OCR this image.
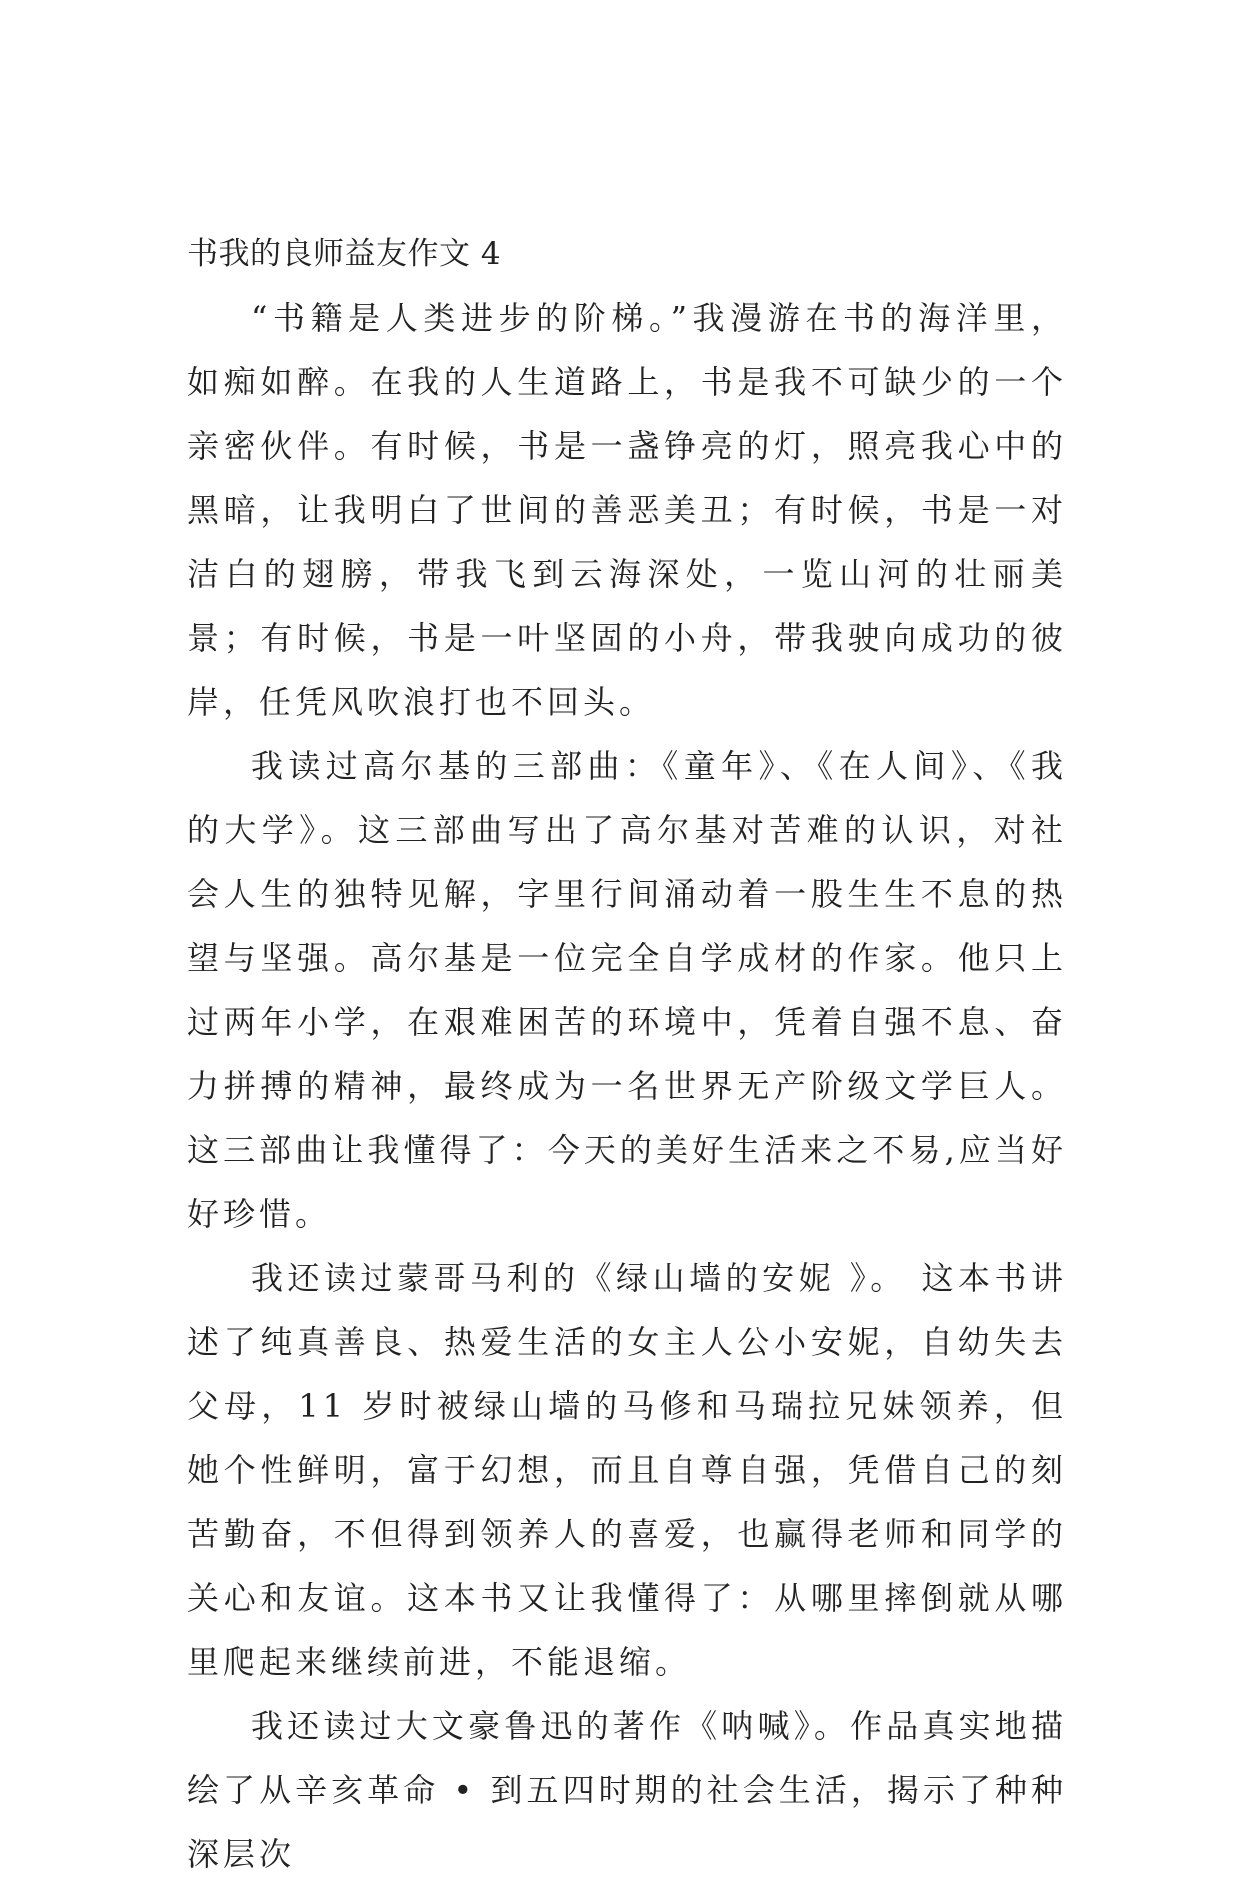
书我的良师益友作文 4

“书籍是人类进步的阶梯。”我漫游在书的海洋里，如痴如醉。在我的人生道路上，书是我不可缺少的一个亲密伙伴。有时候，书是一盏铮亮的灯，照亮我心中的黑暗，让我明白了世间的善恶美丑；有时候，书是一对洁白的翅膀，带我飞到云海深处，一览山河的壮丽美景；有时候，书是一叶坚固的小舟，带我驶向成功的彼岸，任凭风吹浪打也不回头。

我读过高尔基的三部曲：《童年》、《在人间》、《我的大学》。这三部曲写出了高尔基对苦难的认识，对社会人生的独特见解，字里行间涌动着一股生生不息的热望与坚强。高尔基是一位完全自学成材的作家。他只上过两年小学，在艰难困苦的环境中，凭着自强不息、奋力拼搏的精神，最终成为一名世界无产阶级文学巨人。这三部曲让我懂得了：今天的美好生活来之不易,应当好好珍惜。

我还读过蒙哥马利的《绿山墙的安妮 》。 这本书讲述了纯真善良、热爱生活的女主人公小安妮，自幼失去父母，11 岁时被绿山墙的马修和马瑞拉兄妹领养，但她个性鲜明，富于幻想，而且自尊自强，凭借自己的刻苦勤奋，不但得到领养人的喜爱，也赢得老师和同学的关心和友谊。这本书又让我懂得了：从哪里摔倒就从哪里爬起来继续前进，不能退缩。

我还读过大文豪鲁迅的著作《呐喊》。作品真实地描绘了从辛亥革命 • 到五四时期的社会生活，揭示了种种深层次
